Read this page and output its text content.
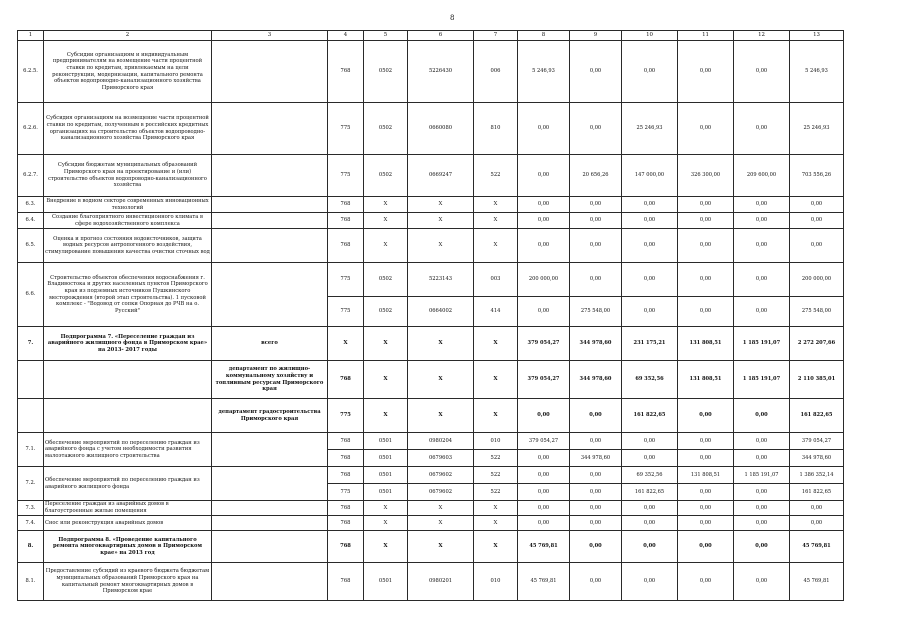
8
1	2	3	4	5	6	7	8	9	10	11	12	13
6.2.5.	Субсидии организациям и индивидуальным предпринимателям на возмещение части процентной ставки по кредитам, привлекаемым на цели реконструкции, модернизации, капитального ремонта объектов водопроводно-канализационного хозяйства Приморского края		768	0502	5226430	006	5 246,93	0,00	0,00	0,00	0,00	5 246,93
6.2.6.	Субсидия организациям на возмещение части процентной ставки по кредитам, полученным в российских кредитных организациях на строительство объектов водопроводно-канализационного хозяйства Приморского края		775	0502	0660080	810	0,00	0,00	25 246,93	0,00	0,00	25 246,93
6.2.7.	Субсидии бюджетам муниципальных образований Приморского края на проектирование и (или) строительство объектов водопроводно-канализационного хозяйства		775	0502	0669247	522	0,00	20 656,26	147 000,00	326 300,00	209 600,00	703 556,26
6.3.	Внедрение в водном секторе современных инновационных технологий		768	X	X	X	0,00	0,00	0,00	0,00	0,00	0,00
6.4.	Создание благоприятного инвестиционного климата в сфере водохозяйственного комплекса		768	X	X	X	0,00	0,00	0,00	0,00	0,00	0,00
6.5.	Оценка и прогноз состояния водоисточников, защита водных ресурсов антропогенного воздействия, стимулирование повышения качества очистки сточных вод		768	X	X	X	0,00	0,00	0,00	0,00	0,00	0,00
6.6.	Строительство объектов обеспечения водоснабжения г. Владивостока и других населенных пунктов Приморского края из подземных источников Пушкинского месторождения (второй этап строительства). 1 пусковой комплекс - "Водовод от сопки Опорная до РЧВ на о. Русский"		775	0502	5223143	003	200 000,00	0,00	0,00	0,00	0,00	200 000,00
			775	0502	0664002	414	0,00	275 548,00	0,00	0,00	0,00	275 548,00
7.	Подпрограмма 7. «Переселение граждан из аварийного жилищного фонда в Приморском крае» на 2013- 2017 годы	всего	X	X	X	X	379 054,27	344 978,60	231 175,21	131 808,51	1 185 191,07	2 272 207,66
		департамент по жилищно-коммунальному хозяйству и топливным ресурсам Приморского края	768	X	X	X	379 054,27	344 978,60	69 352,56	131 808,51	1 185 191,07	2 110 385,01
		департамент градостроительства Приморского края	775	X	X	X	0,00	0,00	161 822,65	0,00	0,00	161 822,65
7.1.	Обеспечение мероприятий по переселению граждан из аварийного фонда с учетом необходимости развития малоэтажного жилищного строительства		768	0501	0980204	010	379 054,27	0,00	0,00	0,00	0,00	379 054,27
			768	0501	0679603	522	0,00	344 978,60	0,00	0,00	0,00	344 978,60
7.2.	Обеспечение мероприятий по переселению граждан из аварийного жилищного фонда		768	0501	0679602	522	0,00	0,00	69 352,56	131 808,51	1 185 191,07	1 386 352,14
			775	0501	0679602	522	0,00	0,00	161 822,65	0,00	0,00	161 822,65
7.3.	Переселение граждан из аварийных домов в благоустроенные жилые помещения		768	X	X	X	0,00	0,00	0,00	0,00	0,00	0,00
7.4.	Снос или реконструкция аварийных домов		768	X	X	X	0,00	0,00	0,00	0,00	0,00	0,00
8.	Подпрограмма 8. «Проведение капитального ремонта многоквартирных домов в Приморском крае» на 2013 год		768	X	X	X	45 769,81	0,00	0,00	0,00	0,00	45 769,81
8.1.	Предоставление субсидий из краевого бюджета бюджетам муниципальных образований Приморского края на капитальный ремонт многоквартирных домов в Приморском крае		768	0501	0980201	010	45 769,81	0,00	0,00	0,00	0,00	45 769,81
